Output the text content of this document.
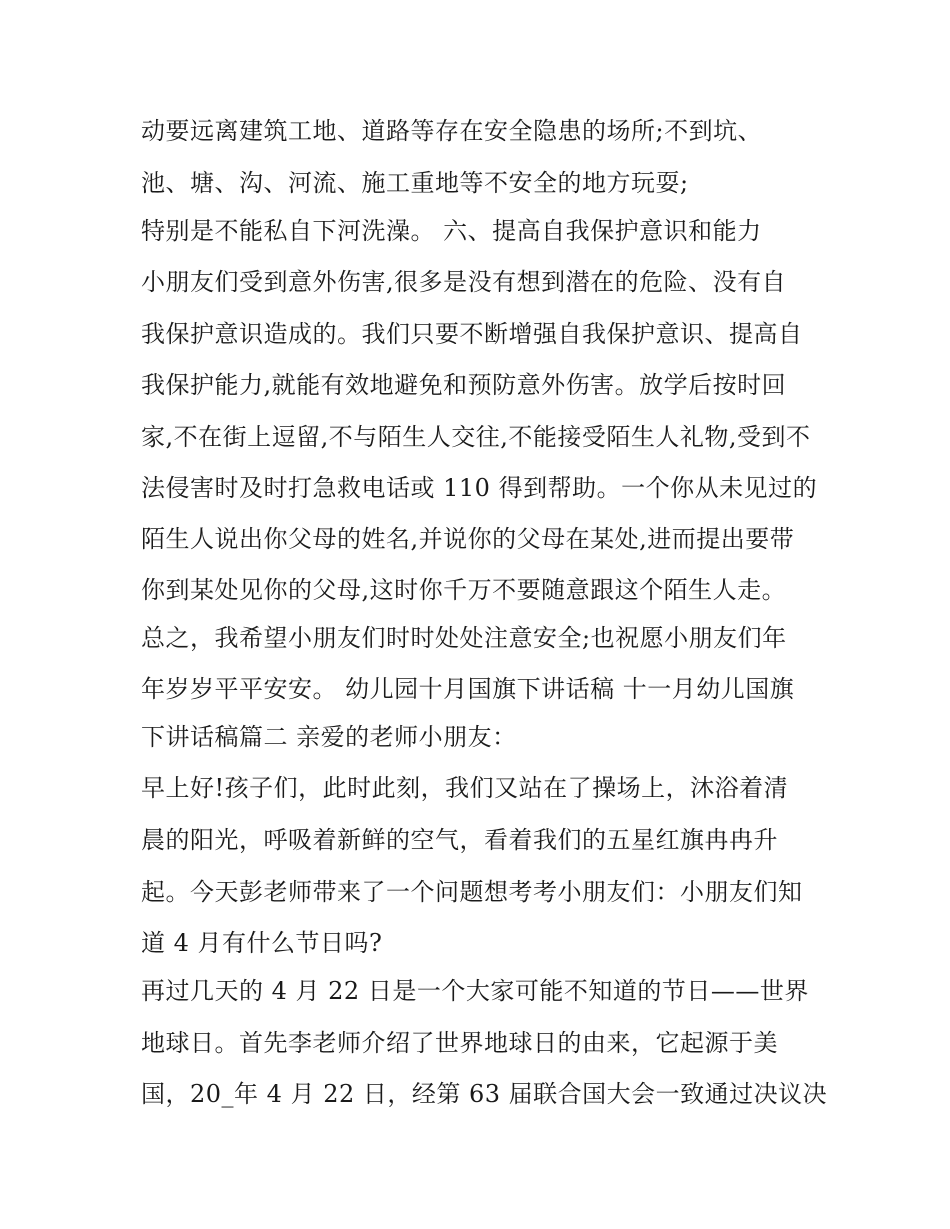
动要远离建筑工地、道路等存在安全隐患的场所;不到坑、
池、塘、沟、河流、施工重地等不安全的地方玩耍;
特别是不能私自下河洗澡。 六、提高自我保护意识和能力
小朋友们受到意外伤害,很多是没有想到潜在的危险、没有自
我保护意识造成的。我们只要不断增强自我保护意识、提高自
我保护能力,就能有效地避免和预防意外伤害。放学后按时回
家,不在街上逗留,不与陌生人交往,不能接受陌生人礼物,受到不
法侵害时及时打急救电话或 110 得到帮助。一个你从未见过的
陌生人说出你父母的姓名,并说你的父母在某处,进而提出要带
你到某处见你的父母,这时你千万不要随意跟这个陌生人走。
总之，我希望小朋友们时时处处注意安全;也祝愿小朋友们年
年岁岁平平安安。 幼儿园十月国旗下讲话稿 十一月幼儿国旗
下讲话稿篇二 亲爱的老师小朋友：
早上好!孩子们，此时此刻，我们又站在了操场上，沐浴着清
晨的阳光，呼吸着新鲜的空气，看着我们的五星红旗冉冉升
起。今天彭老师带来了一个问题想考考小朋友们：小朋友们知
道 4 月有什么节日吗?
再过几天的 4 月 22 日是一个大家可能不知道的节日——世界
地球日。首先李老师介绍了世界地球日的由来，它起源于美
国，20_年 4 月 22 日，经第 63 届联合国大会一致通过决议决
